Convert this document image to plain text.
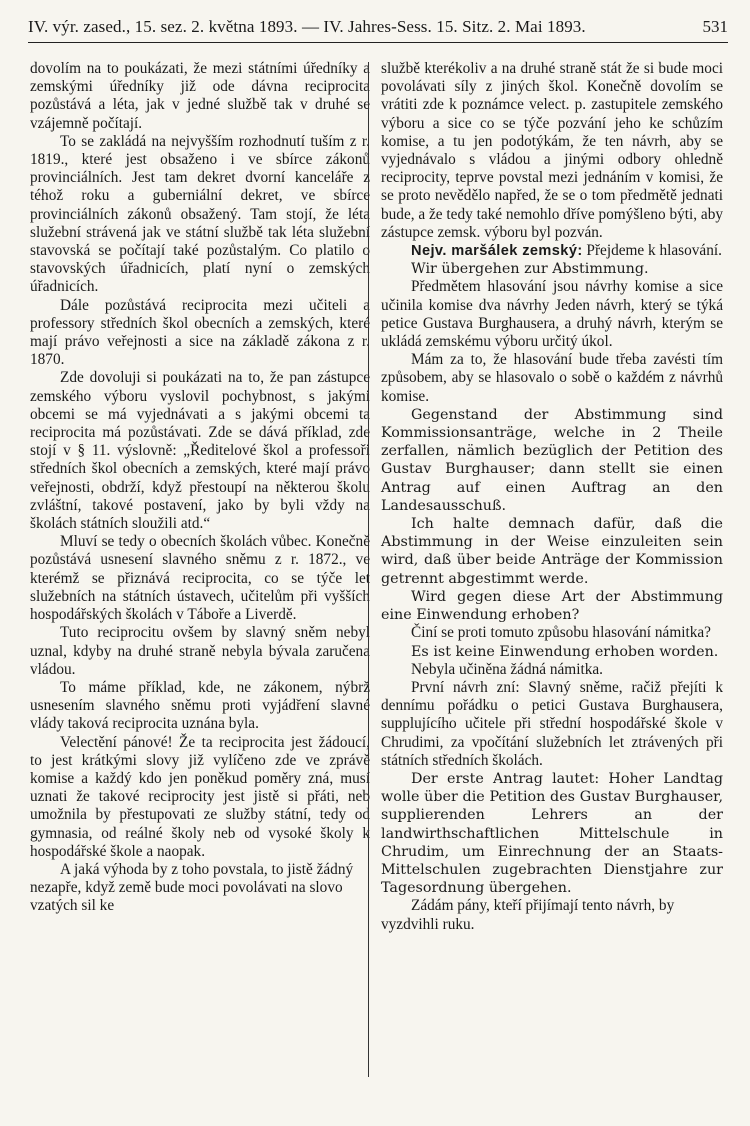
IV. výr. zased., 15. sez. 2. května 1893. — IV. Jahres-Sess. 15. Sitz. 2. Mai 1893.	531

dovolím na to poukázati, že mezi státními úředníky a zemskými úředníky již ode dávna reciprocita pozůstává a léta, jak v jedné službě tak v druhé se vzájemně počítají.

To se zakládá na nejvyšším rozhodnutí tuším z r. 1819., které jest obsaženo i ve sbírce zákonů provinciálních. Jest tam dekret dvorní kanceláře z téhož roku a guberniální dekret, ve sbírce provinciálních zákonů obsažený. Tam stojí, že léta služební strávená jak ve státní službě tak léta služební stavovská se počítají také pozůstalým. Co platilo o stavovských úřadnicích, platí nyní o zemských úřadnicích.

Dále pozůstává reciprocita mezi učiteli a professory středních škol obecních a zemských, které mají právo veřejnosti a sice na základě zákona z r. 1870.

Zde dovoluji si poukázati na to, že pan zástupce zemského výboru vyslovil pochybnost, s jakými obcemi se má vyjednávati a s jakými obcemi ta reciprocita má pozůstávati. Zde se dává příklad, zde stojí v § 11. výslovně: „Ředitelové škol a professoři středních škol obecních a zemských, které mají právo veřejnosti, obdrží, když přestoupí na některou školu zvláštní, takové postavení, jako by byli vždy na školách státních sloužili atd.“

Mluví se tedy o obecních školách vůbec. Konečně pozůstává usnesení slavného sněmu z r. 1872., ve kterémž se přiznává reciprocita, co se týče let služebních na státních ústavech, učitelům při vyšších hospodářských školách v Táboře a Liverdě.

Tuto reciprocitu ovšem by slavný sněm nebyl uznal, kdyby na druhé straně nebyla bývala zaručena vládou.

To máme příklad, kde, ne zákonem, nýbrž usnesením slavného sněmu proti vyjádření slavné vlády taková reciprocita uznána byla.

Velectění pánové! Že ta reciprocita jest žádoucí, to jest krátkými slovy již vylíčeno zde ve zprávě komise a každý kdo jen poněkud poměry zná, musí uznati že takové reciprocity jest jistě si přáti, neb umožnila by přestupovati ze služby státní, tedy od gymnasia, od reálné školy neb od vysoké školy k hospodářské škole a naopak.

A jaká výhoda by z toho povstala, to jistě žádný nezapře, když země bude moci povolávati na slovo vzatých sil ke

službě kterékoliv a na druhé straně stát že si bude moci povolávati síly z jiných škol. Konečně dovolím se vrátiti zde k poznámce velect. p. zastupitele zemského výboru a sice co se týče pozvání jeho ke schůzím komise, a tu jen podotýkám, že ten návrh, aby se vyjednávalo s vládou a jinými odbory ohledně reciprocity, teprve povstal mezi jednáním v komisi, že se proto nevědělo napřed, že se o tom předmětě jednati bude, a že tedy také nemohlo dříve pomýšleno býti, aby zástupce zemsk. výboru byl pozván.

Nejv. maršálek zemský: Přejdeme k hlasování.

Wir übergehen zur Abstimmung.

Předmětem hlasování jsou návrhy komise a sice učinila komise dva návrhy Jeden návrh, který se týká petice Gustava Burghausera, a druhý návrh, kterým se ukládá zemskému výboru určitý úkol.

Mám za to, že hlasování bude třeba zavésti tím způsobem, aby se hlasovalo o sobě o každém z návrhů komise.

Gegenstand der Abstimmung sind Kommissionsanträge, welche in 2 Theile zerfallen, nämlich bezüglich der Petition des Gustav Burghauser; dann stellt sie einen Antrag auf einen Auftrag an den Landesausschuß.

Ich halte demnach dafür, daß die Abstimmung in der Weise einzuleiten sein wird, daß über beide Anträge der Kommission getrennt abgestimmt werde.

Wird gegen diese Art der Abstimmung eine Einwendung erhoben?

Činí se proti tomuto způsobu hlasování námitka?

Es ist keine Einwendung erhoben worden.

Nebyla učiněna žádná námitka.

První návrh zní: Slavný sněme, račiž přejíti k dennímu pořádku o petici Gustava Burghausera, supplujícího učitele při střední hospodářské škole v Chrudimi, za vpočítání služebních let ztrávených při státních středních školách.

Der erste Antrag lautet: Hoher Landtag wolle über die Petition des Gustav Burghauser, supplierenden Lehrers an der landwirthschaftlichen Mittelschule in Chrudim, um Einrechnung der an Staats-Mittelschulen zugebrachten Dienstjahre zur Tagesordnung übergehen.

Zádám pány, kteří přijímají tento návrh, by vyzdvihli ruku.
